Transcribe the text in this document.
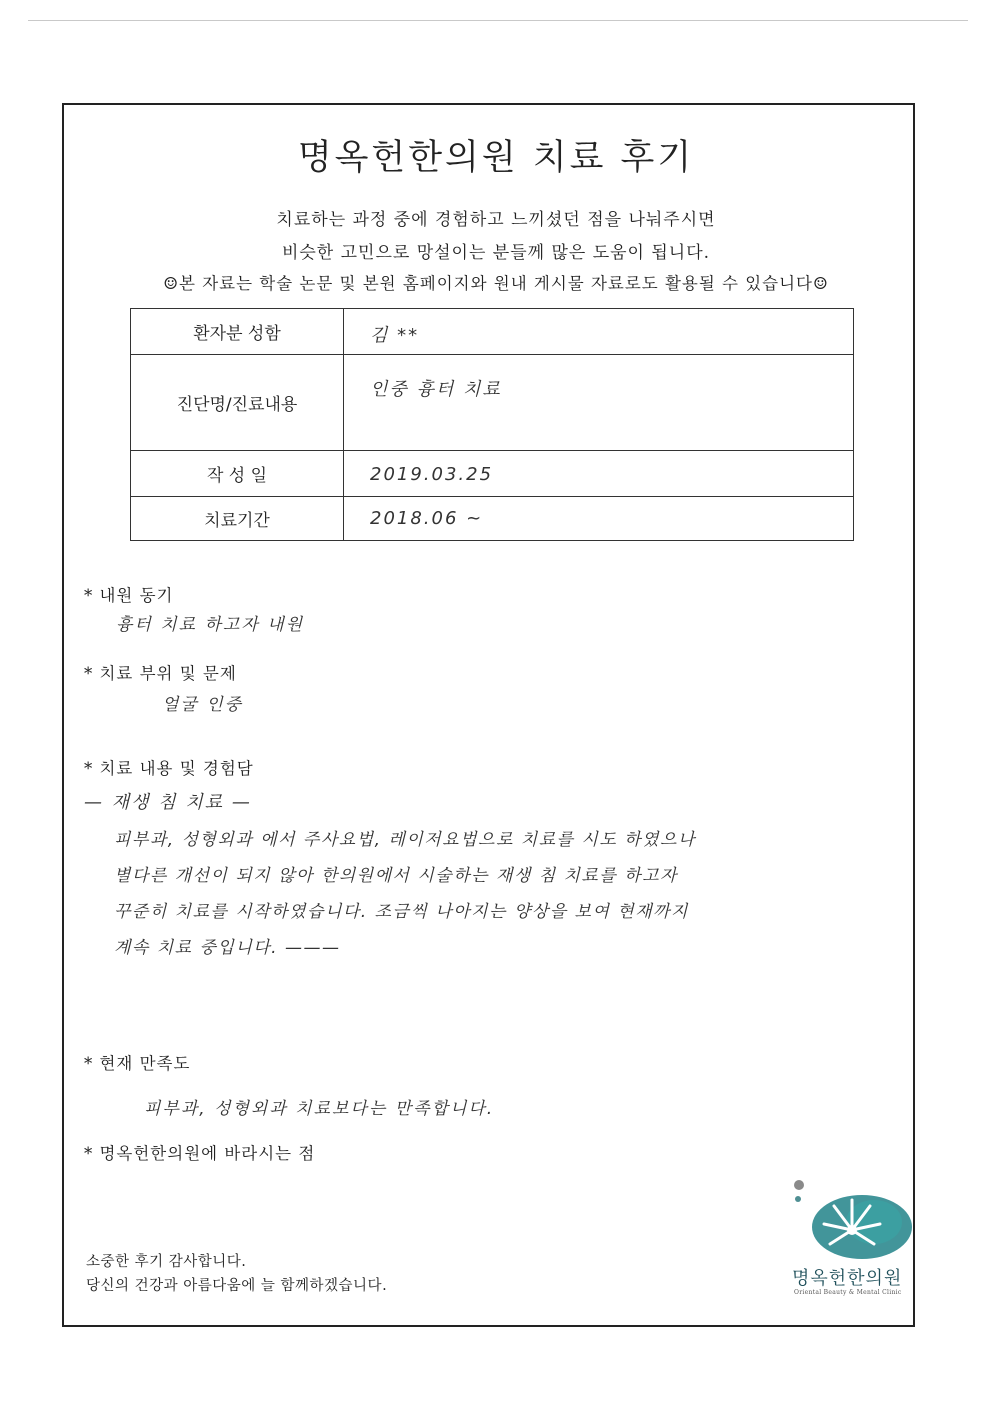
명옥헌한의원 치료 후기
치료하는 과정 중에 경험하고 느끼셨던 점을 나눠주시면
비슷한 고민으로 망설이는 분들께 많은 도움이 됩니다.
☺본 자료는 학술 논문 및 본원 홈페이지와 원내 게시물 자료로도 활용될 수 있습니다☺
환자분 성함	김 **

진단명/진료내용	인중 흉터 치료

작 성 일	2019.03.25

치료기간	2018.06 ~
* 내원 동기
흉터 치료 하고자 내원
* 치료 부위 및 문제
얼굴 인중
* 치료 내용 및 경험담
— 재생 침 치료 —
피부과, 성형외과 에서 주사요법, 레이저요법으로 치료를 시도 하였으나
별다른 개선이 되지 않아 한의원에서 시술하는 재생 침 치료를 하고자
꾸준히 치료를 시작하였습니다. 조금씩 나아지는 양상을 보여 현재까지
계속 치료 중입니다. ———
* 현재 만족도
피부과, 성형외과 치료보다는 만족합니다.
* 명옥헌한의원에 바라시는 점
소중한 후기 감사합니다.
당신의 건강과 아름다움에 늘 함께하겠습니다.	명옥헌한의원
Oriental Beauty & Mental Clinic
